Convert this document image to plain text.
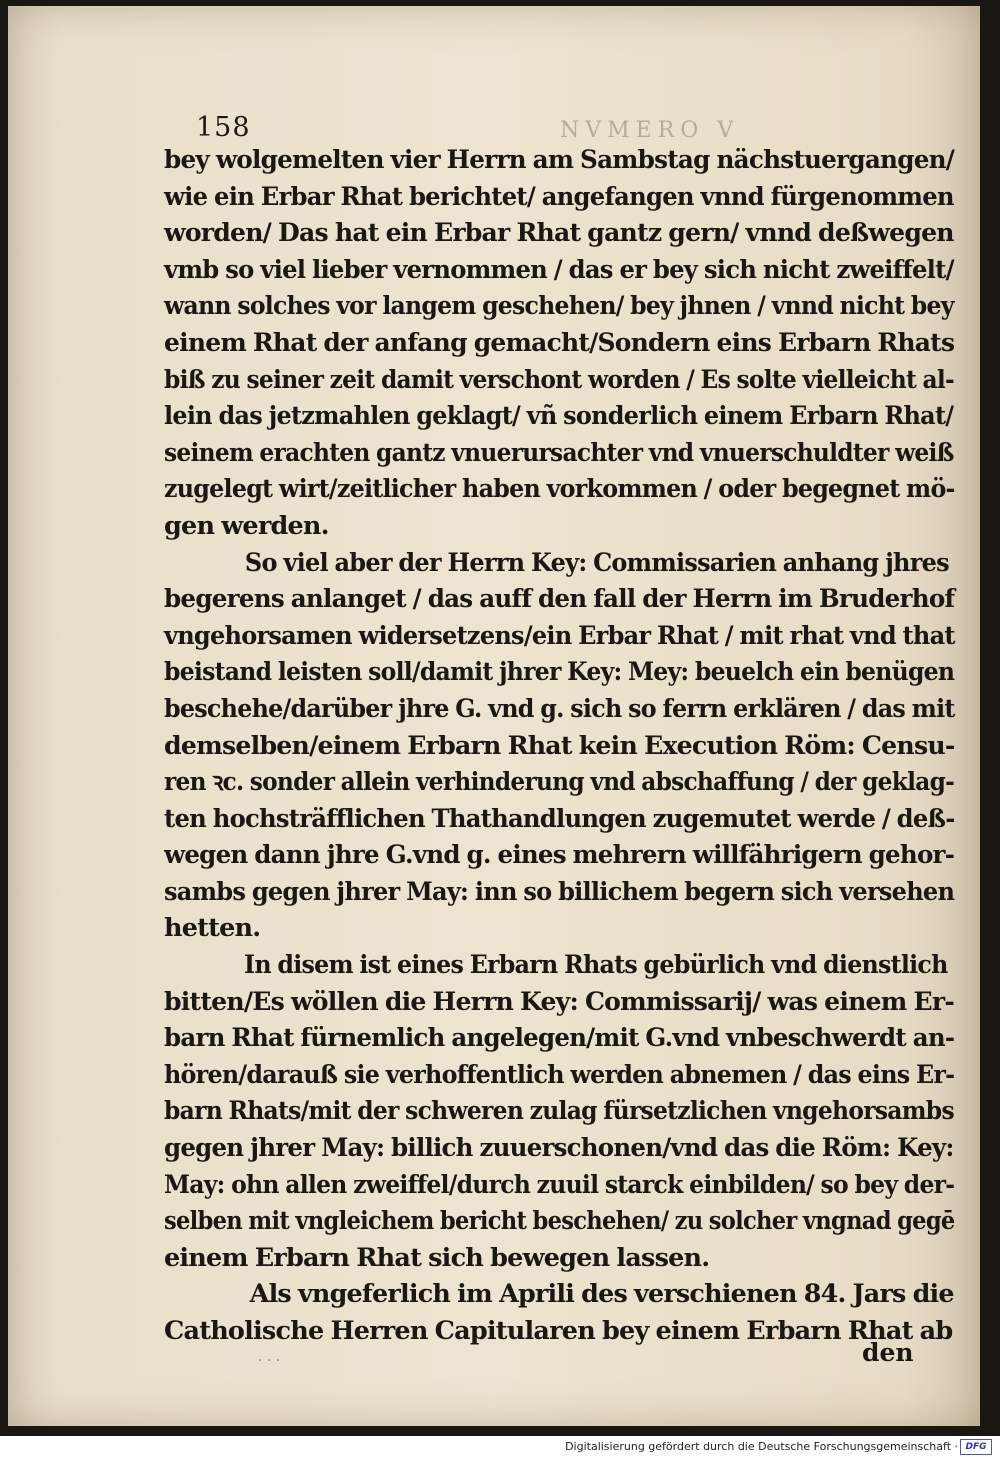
158	NVMERO V
bey wolgemelten vier Herrn am Sambstag nächstuergangen/
wie ein Erbar Rhat berichtet/ angefangen vnnd fürgenommen
worden/ Das hat ein Erbar Rhat gantz gern/ vnnd deßwegen
vmb so viel lieber vernommen / das er bey sich nicht zweiffelt/
wann solches vor langem geschehen/ bey jhnen / vnnd nicht bey
einem Rhat der anfang gemacht/Sondern eins Erbarn Rhats
biß zu seiner zeit damit verschont worden / Es solte vielleicht al-
lein das jetzmahlen geklagt/ vñ sonderlich einem Erbarn Rhat/
seinem erachten gantz vnuerursachter vnd vnuerschuldter weiß
zugelegt wirt/zeitlicher haben vorkommen / oder begegnet mö-
gen werden.
So viel aber der Herrn Key: Commissarien anhang jhres
begerens anlanget / das auff den fall der Herrn im Bruderhof
vngehorsamen widersetzens/ein Erbar Rhat / mit rhat vnd that
beistand leisten soll/damit jhrer Key: Mey: beuelch ein benügen
beschehe/darüber jhre G. vnd g. sich so ferrn erklären / das mit
demselben/einem Erbarn Rhat kein Execution Röm: Censu-
ren ꝛc. sonder allein verhinderung vnd abschaffung / der geklag-
ten hochsträfflichen Thathandlungen zugemutet werde / deß-
wegen dann jhre G.vnd g. eines mehrern willfährigern gehor-
sambs gegen jhrer May: inn so billichem begern sich versehen
hetten.
In disem ist eines Erbarn Rhats gebürlich vnd dienstlich
bitten/Es wöllen die Herrn Key: Commissarij/ was einem Er-
barn Rhat fürnemlich angelegen/mit G.vnd vnbeschwerdt an-
hören/darauß sie verhoffentlich werden abnemen / das eins Er-
barn Rhats/mit der schweren zulag fürsetzlichen vngehorsambs
gegen jhrer May: billich zuuerschonen/vnd das die Röm: Key:
May: ohn allen zweiffel/durch zuuil starck einbilden/ so bey der-
selben mit vngleichem bericht beschehen/ zu solcher vngnad gegē
einem Erbarn Rhat sich bewegen lassen.
Als vngeferlich im Aprili des verschienen 84. Jars die
Catholische Herren Capitularen bey einem Erbarn Rhat ab
den
· · ·
Digitalisierung gefördert durch die Deutsche Forschungsgemeinschaft · DFG
